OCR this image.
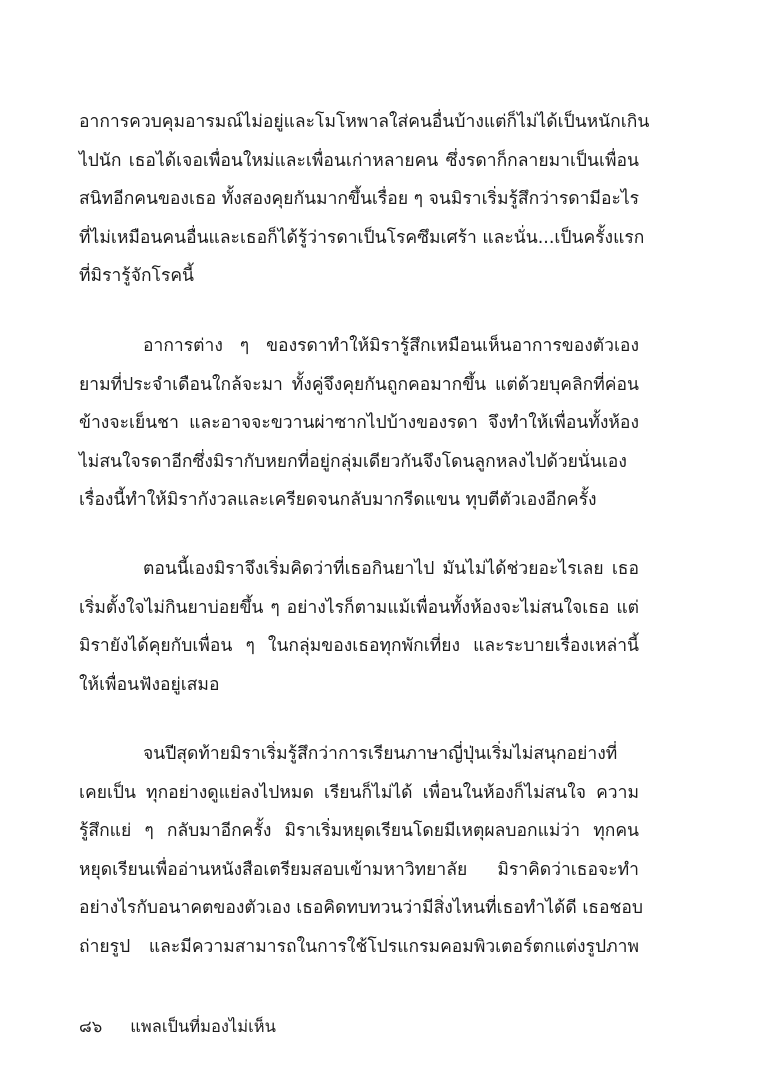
อาการควบคุมอารมณ์ไม่อยู่และโมโหพาลใส่คนอื่นบ้างแต่ก็ไม่ได้เป็นหนักเกิน
ไปนัก เธอได้เจอเพื่อนใหม่และเพื่อนเก่าหลายคน ซึ่งรดาก็กลายมาเป็นเพื่อน
สนิทอีกคนของเธอ ทั้งสองคุยกันมากขึ้นเรื่อย ๆ จนมิราเริ่มรู้สึกว่ารดามีอะไร
ที่ไม่เหมือนคนอื่นและเธอก็ได้รู้ว่ารดาเป็นโรคซึมเศร้า และนั่น...เป็นครั้งแรก
ที่มิรารู้จักโรคนี้
อาการต่าง ๆ ของรดาทำให้มิรารู้สึกเหมือนเห็นอาการของตัวเอง
ยามที่ประจำเดือนใกล้จะมา ทั้งคู่จึงคุยกันถูกคอมากขึ้น แต่ด้วยบุคลิกที่ค่อน
ข้างจะเย็นชา และอาจจะขวานผ่าซากไปบ้างของรดา จึงทำให้เพื่อนทั้งห้อง
ไม่สนใจรดาอีกซึ่งมิรากับหยกที่อยู่กลุ่มเดียวกันจึงโดนลูกหลงไปด้วยนั่นเอง
เรื่องนี้ทำให้มิรากังวลและเครียดจนกลับมากรีดแขน ทุบตีตัวเองอีกครั้ง
ตอนนี้เองมิราจึงเริ่มคิดว่าที่เธอกินยาไป มันไม่ได้ช่วยอะไรเลย เธอ
เริ่มตั้งใจไม่กินยาบ่อยขึ้น ๆ อย่างไรก็ตามแม้เพื่อนทั้งห้องจะไม่สนใจเธอ แต่
มิรายังได้คุยกับเพื่อน ๆ ในกลุ่มของเธอทุกพักเที่ยง และระบายเรื่องเหล่านี้
ให้เพื่อนฟังอยู่เสมอ
จนปีสุดท้ายมิราเริ่มรู้สึกว่าการเรียนภาษาญี่ปุ่นเริ่มไม่สนุกอย่างที่
เคยเป็น ทุกอย่างดูแย่ลงไปหมด เรียนก็ไม่ได้ เพื่อนในห้องก็ไม่สนใจ ความ
รู้สึกแย่ ๆ กลับมาอีกครั้ง มิราเริ่มหยุดเรียนโดยมีเหตุผลบอกแม่ว่า ทุกคน
หยุดเรียนเพื่ออ่านหนังสือเตรียมสอบเข้ามหาวิทยาลัย มิราคิดว่าเธอจะทำ
อย่างไรกับอนาคตของตัวเอง เธอคิดทบทวนว่ามีสิ่งไหนที่เธอทำได้ดี เธอชอบ
ถ่ายรูป และมีความสามารถในการใช้โปรแกรมคอมพิวเตอร์ตกแต่งรูปภาพ
๘๖ แพลเป็นที่มองไม่เห็น
